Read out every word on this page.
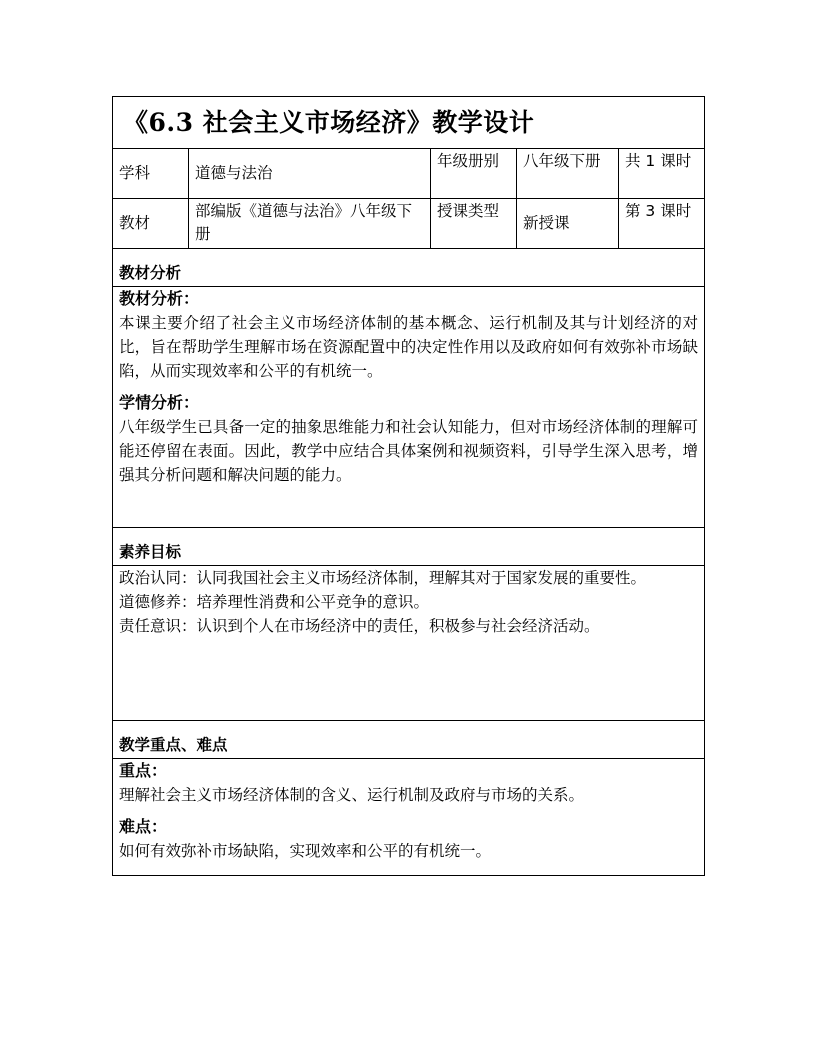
《6.3 社会主义市场经济》教学设计				
学科	道德与法治	年级册别	八年级下册	共 1 课时
教材	部编版《道德与法治》八年级下册	授课类型	新授课	第 3 课时
教材分析				

教材分析：

本课主要介绍了社会主义市场经济体制的基本概念、运行机制及其与计划经济的对比，旨在帮助学生理解市场在资源配置中的决定性作用以及政府如何有效弥补市场缺陷，从而实现效率和公平的有机统一。

学情分析：

八年级学生已具备一定的抽象思维能力和社会认知能力，但对市场经济体制的理解可能还停留在表面。因此，教学中应结合具体案例和视频资料，引导学生深入思考，增强其分析问题和解决问题的能力。				

素养目标				

政治认同：认同我国社会主义市场经济体制，理解其对于国家发展的重要性。

道德修养：培养理性消费和公平竞争的意识。

责任意识：认识到个人在市场经济中的责任，积极参与社会经济活动。				

教学重点、难点				

重点：

理解社会主义市场经济体制的含义、运行机制及政府与市场的关系。

难点：

如何有效弥补市场缺陷，实现效率和公平的有机统一。				
